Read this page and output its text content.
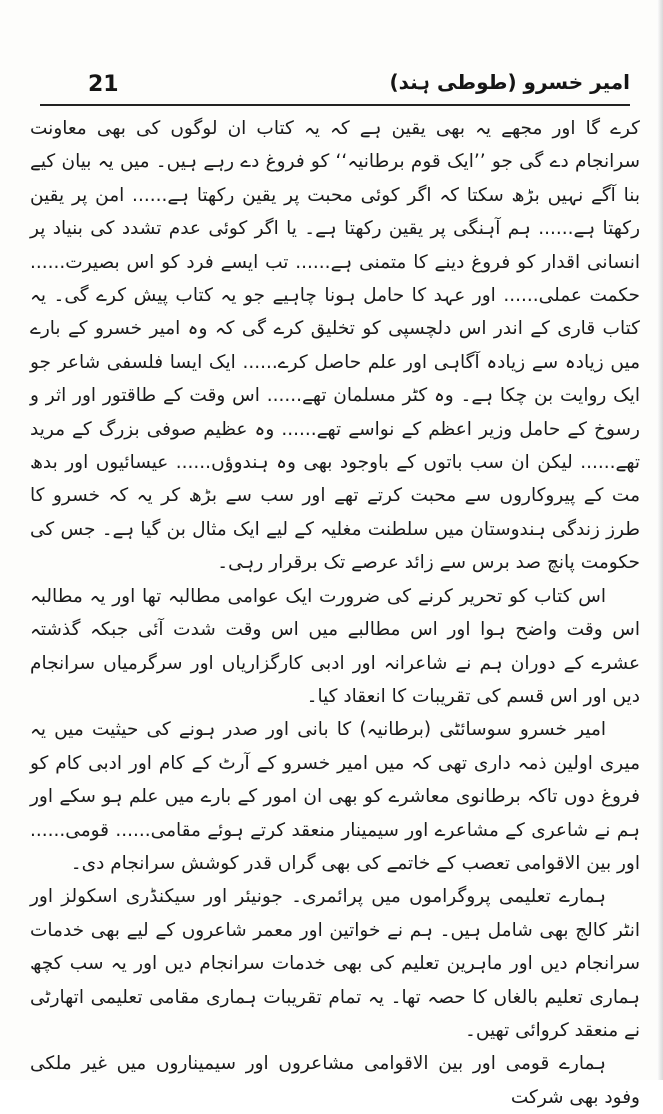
21	امیر خسرو (طوطی ہند)

کرے گا اور مجھے یہ بھی یقین ہے کہ یہ کتاب ان لوگوں کی بھی معاونت سرانجام دے گی جو ’’ایک قوم برطانیہ‘‘ کو فروغ دے رہے ہیں۔ میں یہ بیان کیے بنا آگے نہیں بڑھ سکتا کہ اگر کوئی محبت پر یقین رکھتا ہے...... امن پر یقین رکھتا ہے...... ہم آہنگی پر یقین رکھتا ہے۔ یا اگر کوئی عدم تشدد کی بنیاد پر انسانی اقدار کو فروغ دینے کا متمنی ہے...... تب ایسے فرد کو اس بصیرت...... حکمت عملی...... اور عہد کا حامل ہونا چاہیے جو یہ کتاب پیش کرے گی۔ یہ کتاب قاری کے اندر اس دلچسپی کو تخلیق کرے گی کہ وہ امیر خسرو کے بارے میں زیادہ سے زیادہ آگاہی اور علم حاصل کرے...... ایک ایسا فلسفی شاعر جو ایک روایت بن چکا ہے۔ وہ کٹر مسلمان تھے...... اس وقت کے طاقتور اور اثر و رسوخ کے حامل وزیر اعظم کے نواسے تھے...... وہ عظیم صوفی بزرگ کے مرید تھے...... لیکن ان سب باتوں کے باوجود بھی وہ ہندوؤں...... عیسائیوں اور بدھ مت کے پیروکاروں سے محبت کرتے تھے اور سب سے بڑھ کر یہ کہ خسرو کا طرز زندگی ہندوستان میں سلطنت مغلیہ کے لیے ایک مثال بن گیا ہے۔ جس کی حکومت پانچ صد برس سے زائد عرصے تک برقرار رہی۔

اس کتاب کو تحریر کرنے کی ضرورت ایک عوامی مطالبہ تھا اور یہ مطالبہ اس وقت واضح ہوا اور اس مطالبے میں اس وقت شدت آئی جبکہ گذشتہ عشرے کے دوران ہم نے شاعرانہ اور ادبی کارگزاریاں اور سرگرمیاں سرانجام دیں اور اس قسم کی تقریبات کا انعقاد کیا۔

امیر خسرو سوسائٹی (برطانیہ) کا بانی اور صدر ہونے کی حیثیت میں یہ میری اولین ذمہ داری تھی کہ میں امیر خسرو کے آرٹ کے کام اور ادبی کام کو فروغ دوں تاکہ برطانوی معاشرے کو بھی ان امور کے بارے میں علم ہو سکے اور ہم نے شاعری کے مشاعرے اور سیمینار منعقد کرتے ہوئے مقامی...... قومی...... اور بین الاقوامی تعصب کے خاتمے کی بھی گراں قدر کوشش سرانجام دی۔

ہمارے تعلیمی پروگراموں میں پرائمری۔ جونیئر اور سیکنڈری اسکولز اور انٹر کالج بھی شامل ہیں۔ ہم نے خواتین اور معمر شاعروں کے لیے بھی خدمات سرانجام دیں اور ماہرین تعلیم کی بھی خدمات سرانجام دیں اور یہ سب کچھ ہماری تعلیم بالغاں کا حصہ تھا۔ یہ تمام تقریبات ہماری مقامی تعلیمی اتھارٹی نے منعقد کروائی تھیں۔

ہمارے قومی اور بین الاقوامی مشاعروں اور سیمیناروں میں غیر ملکی وفود بھی شرکت
